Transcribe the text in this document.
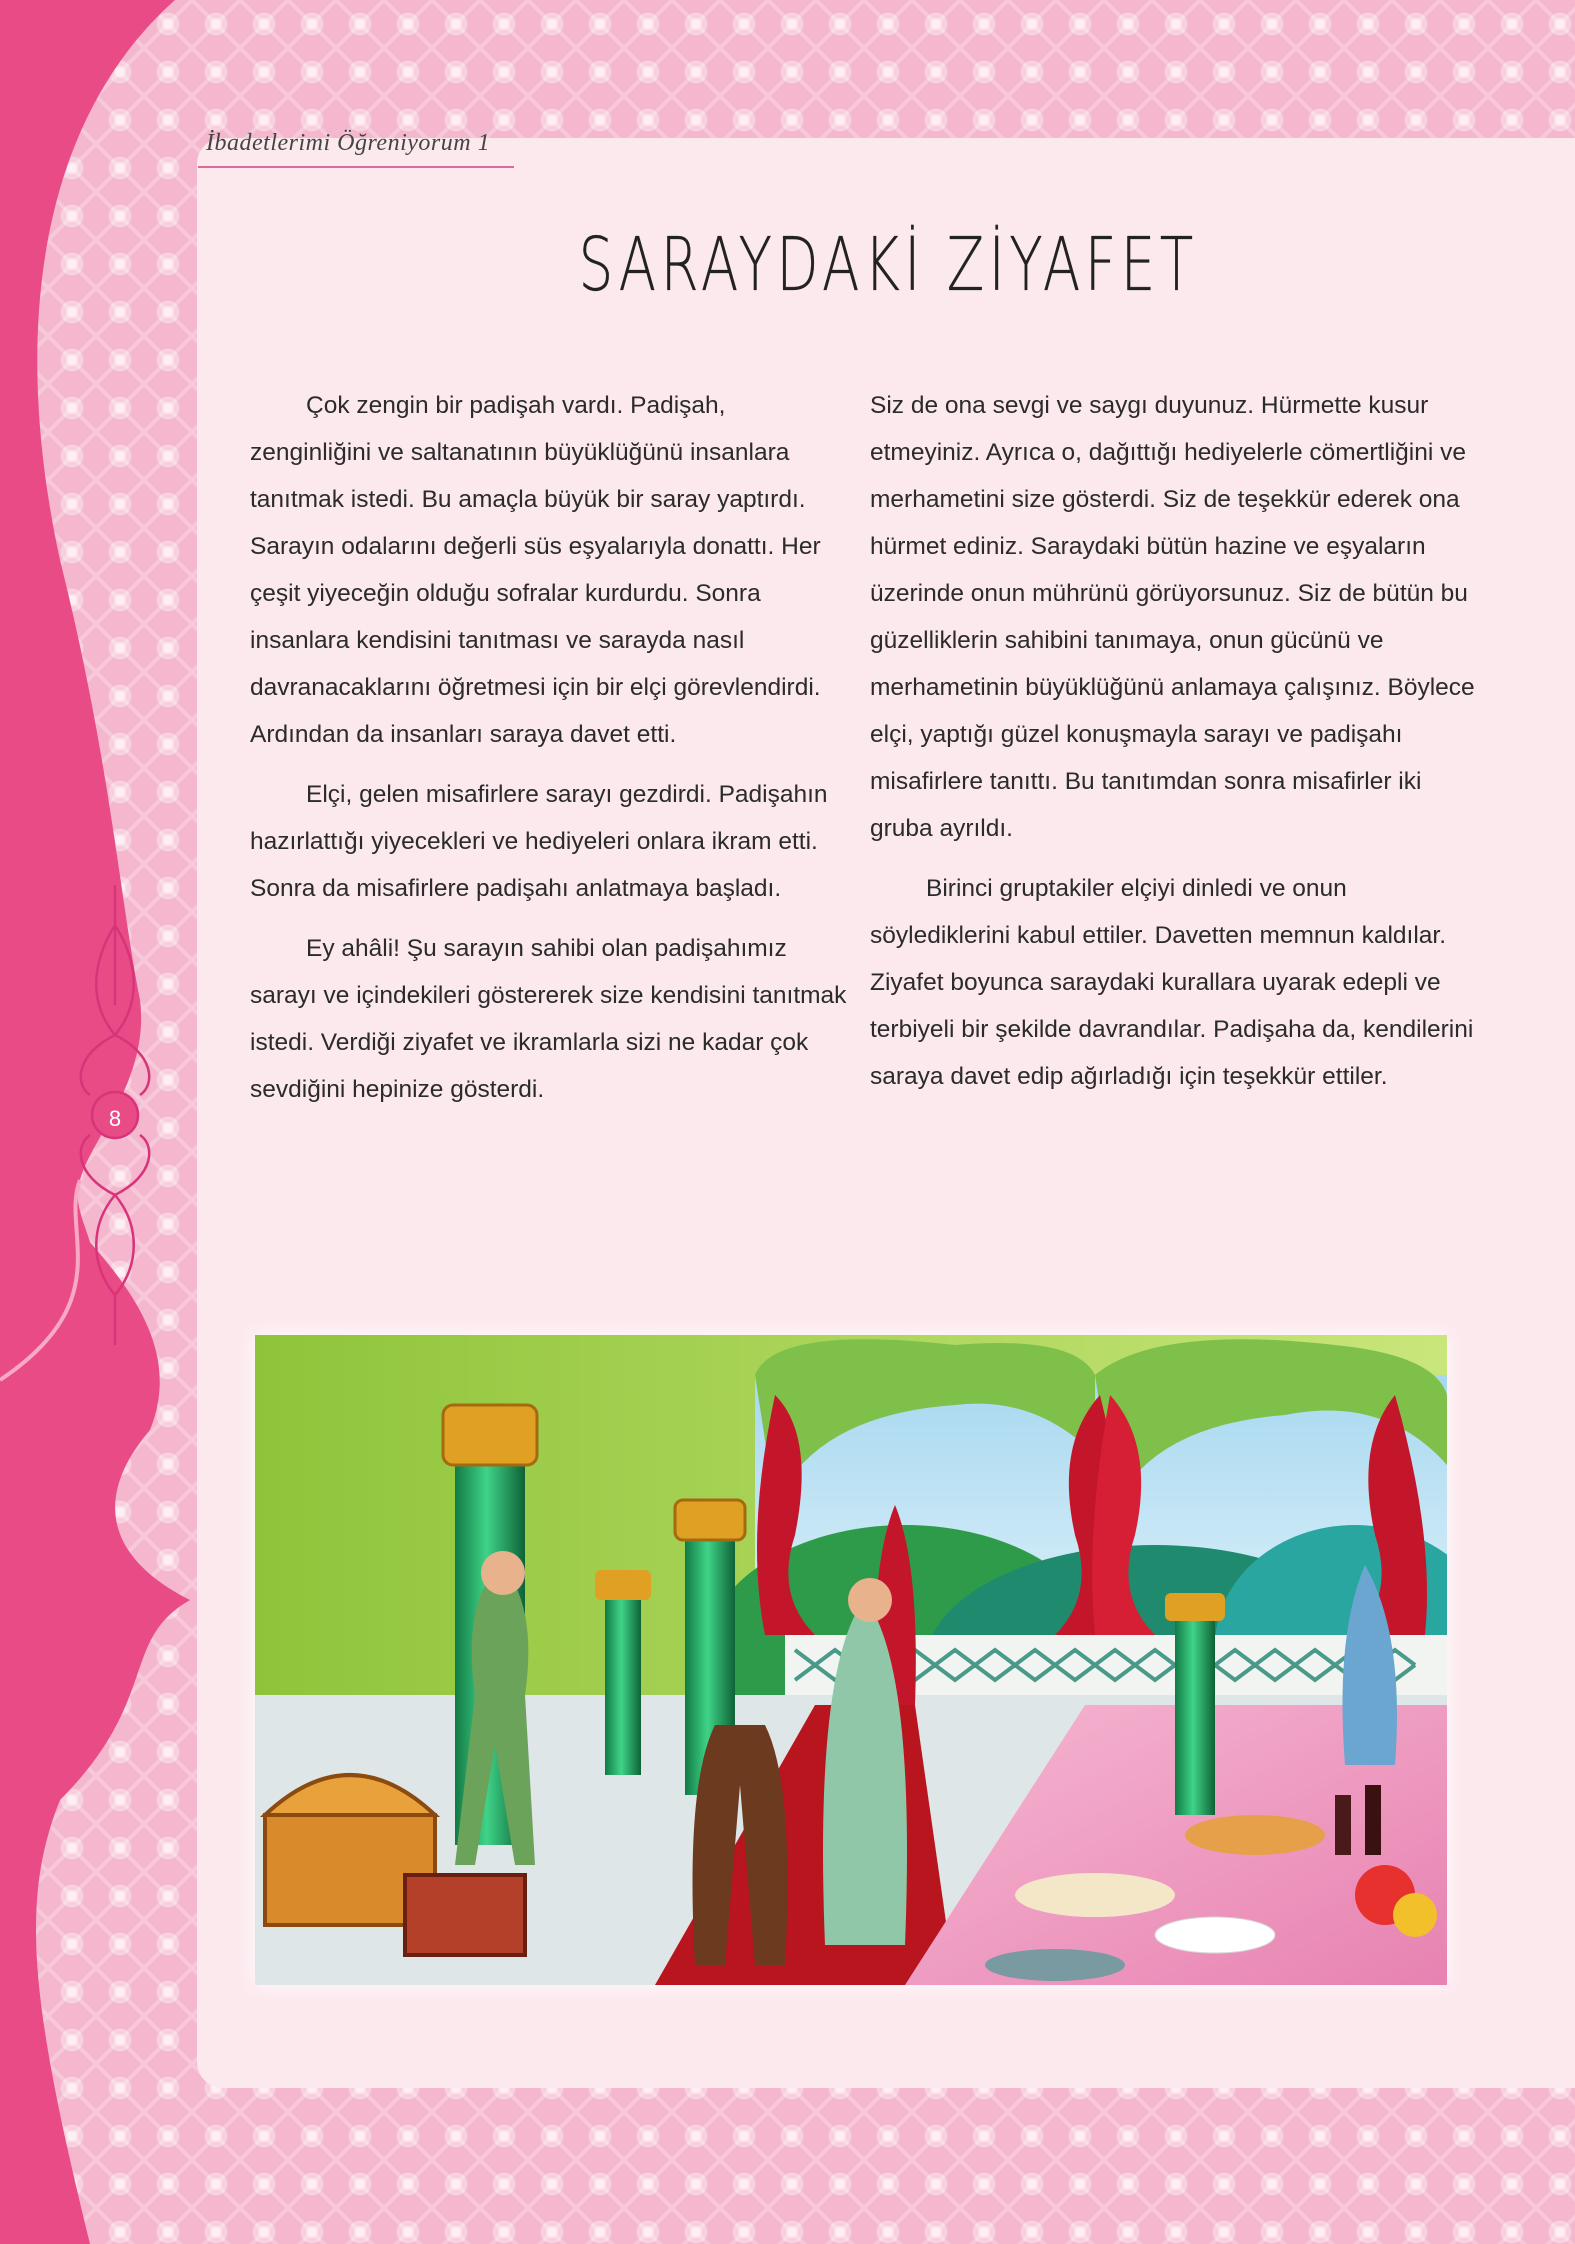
İbadetlerimi Öğreniyorum 1
SARAYDAKİ ZİYAFET

Çok zengin bir padişah vardı. Padişah, zenginliğini ve saltanatının büyüklüğünü insanlara tanıtmak istedi. Bu amaçla büyük bir saray yaptırdı. Sarayın odalarını değerli süs eşyalarıyla donattı. Her çeşit yiyeceğin olduğu sofralar kurdurdu. Sonra insanlara kendisini tanıtması ve sarayda nasıl davranacaklarını öğretmesi için bir elçi görevlendirdi. Ardından da insanları saraya davet etti.

Elçi, gelen misafirlere sarayı gezdirdi. Padişahın hazırlattığı yiyecekleri ve hediyeleri onlara ikram etti. Sonra da misafirlere padişahı anlatmaya başladı.

Ey ahâli! Şu sarayın sahibi olan padişahımız sarayı ve içindekileri göstererek size kendisini tanıtmak istedi. Verdiği ziyafet ve ikramlarla sizi ne kadar çok sevdiğini hepinize gösterdi.

Siz de ona sevgi ve saygı duyunuz. Hürmette kusur etmeyiniz. Ayrıca o, dağıttığı hediyelerle cömertliğini ve merhametini size gösterdi. Siz de teşekkür ederek ona hürmet ediniz. Saraydaki bütün hazine ve eşyaların üzerinde onun mührünü görüyorsunuz. Siz de bütün bu güzelliklerin sahibini tanımaya, onun gücünü ve merhametinin büyüklüğünü anlamaya çalışınız. Böylece elçi, yaptığı güzel konuşmayla sarayı ve padişahı misafirlere tanıttı. Bu tanıtımdan sonra misafirler iki gruba ayrıldı.

Birinci gruptakiler elçiyi dinledi ve onun söylediklerini kabul ettiler. Davetten memnun kaldılar. Ziyafet boyunca saraydaki kurallara uyarak edepli ve terbiyeli bir şekilde davrandılar. Padişaha da, kendilerini saraya davet edip ağırladığı için teşekkür ettiler.

8
